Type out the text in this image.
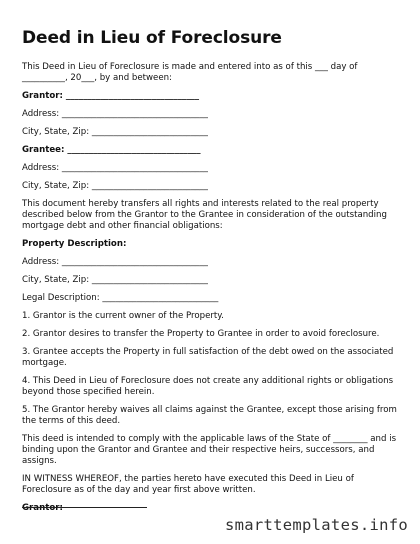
Deed in Lieu of Foreclosure

This Deed in Lieu of Foreclosure is made and entered into as of this ___ day of __________, 20___, by and between:

Grantor: _______________________________

Address: __________________________________

City, State, Zip: ___________________________

Grantee: _______________________________

Address: __________________________________

City, State, Zip: ___________________________

This document hereby transfers all rights and interests related to the real property described below from the Grantor to the Grantee in consideration of the outstanding mortgage debt and other financial obligations:

Property Description:

Address: __________________________________

City, State, Zip: ___________________________

Legal Description: ___________________________

1. Grantor is the current owner of the Property.

2. Grantor desires to transfer the Property to Grantee in order to avoid foreclosure.

3. Grantee accepts the Property in full satisfaction of the debt owed on the associated mortgage.

4. This Deed in Lieu of Foreclosure does not create any additional rights or obligations beyond those specified herein.

5. The Grantor hereby waives all claims against the Grantee, except those arising from the terms of this deed.

This deed is intended to comply with the applicable laws of the State of ________ and is binding upon the Grantor and Grantee and their respective heirs, successors, and assigns.

IN WITNESS WHEREOF, the parties hereto have executed this Deed in Lieu of Foreclosure as of the day and year first above written.

Grantor:

smarttemplates.info
